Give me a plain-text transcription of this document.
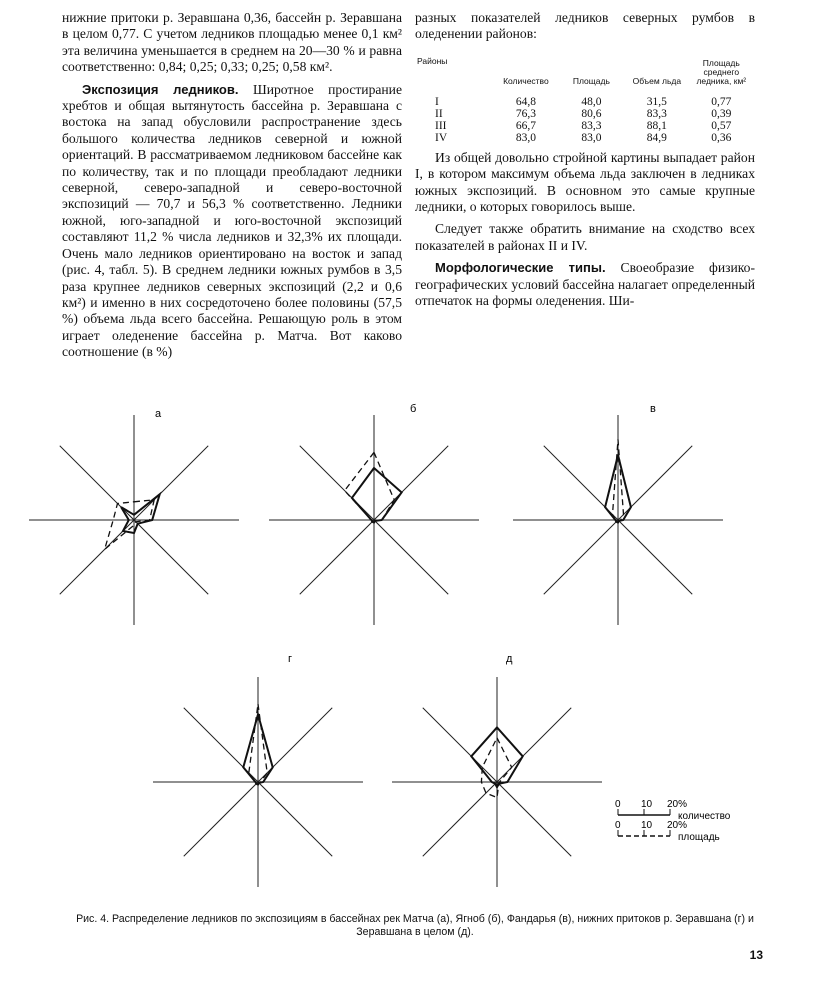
нижние притоки р. Зеравшана 0,36, бассейн р. Зеравшана в целом 0,77. С учетом ледников площадью менее 0,1 км² эта величина уменьшается в среднем на 20—30 % и равна соответственно: 0,84; 0,25; 0,33; 0,25; 0,58 км².

Экспозиция ледников. Широтное простирание хребтов и общая вытянутость бассейна р. Зеравшана с востока на запад обусловили распространение здесь большого количества ледников северной и южной ориентаций. В рассматриваемом ледниковом бассейне как по количеству, так и по площади преобладают ледники северной, северо-западной и северо-восточной экспозиций — 70,7 и 56,3 % соответственно. Ледники южной, юго-западной и юго-восточной экспозиций составляют 11,2 % числа ледников и 32,3% их площади. Очень мало ледников ориентировано на восток и запад (рис. 4, табл. 5). В среднем ледники южных румбов в 3,5 раза крупнее ледников северных экспозиций (2,2 и 0,6 км²) и именно в них сосредоточено более половины (57,5 %) объема льда всего бассейна. Решающую роль в этом играет оледенение бассейна р. Матча. Вот каково соотношение (в %)

разных показателей ледников северных румбов в оледенении районов:

Районы	Количество	Площадь	Объем льда	Площадь среднего ледника, км²
I	64,8	48,0	31,5	0,77
II	76,3	80,6	83,3	0,39
III	66,7	83,3	88,1	0,57
IV	83,0	83,0	84,9	0,36

Из общей довольно стройной картины выпадает район I, в котором максимум объема льда заключен в ледниках южных экспозиций. В основном это самые крупные ледники, о которых говорилось выше.

Следует также обратить внимание на сходство всех показателей в районах II и IV.

Морфологические типы. Своеобразие физико-географических условий бассейна налагает определенный отпечаток на формы оледенения. Ши-

а	б	в
г	д
0 10 20%
0 10 20%
количество
площадь
Рис. 4. Распределение ледников по экспозициям в бассейнах рек Матча (а), Ягноб (б), Фандарья (в), нижних притоков р. Зеравшана (г) и Зеравшана в целом (д).
13
